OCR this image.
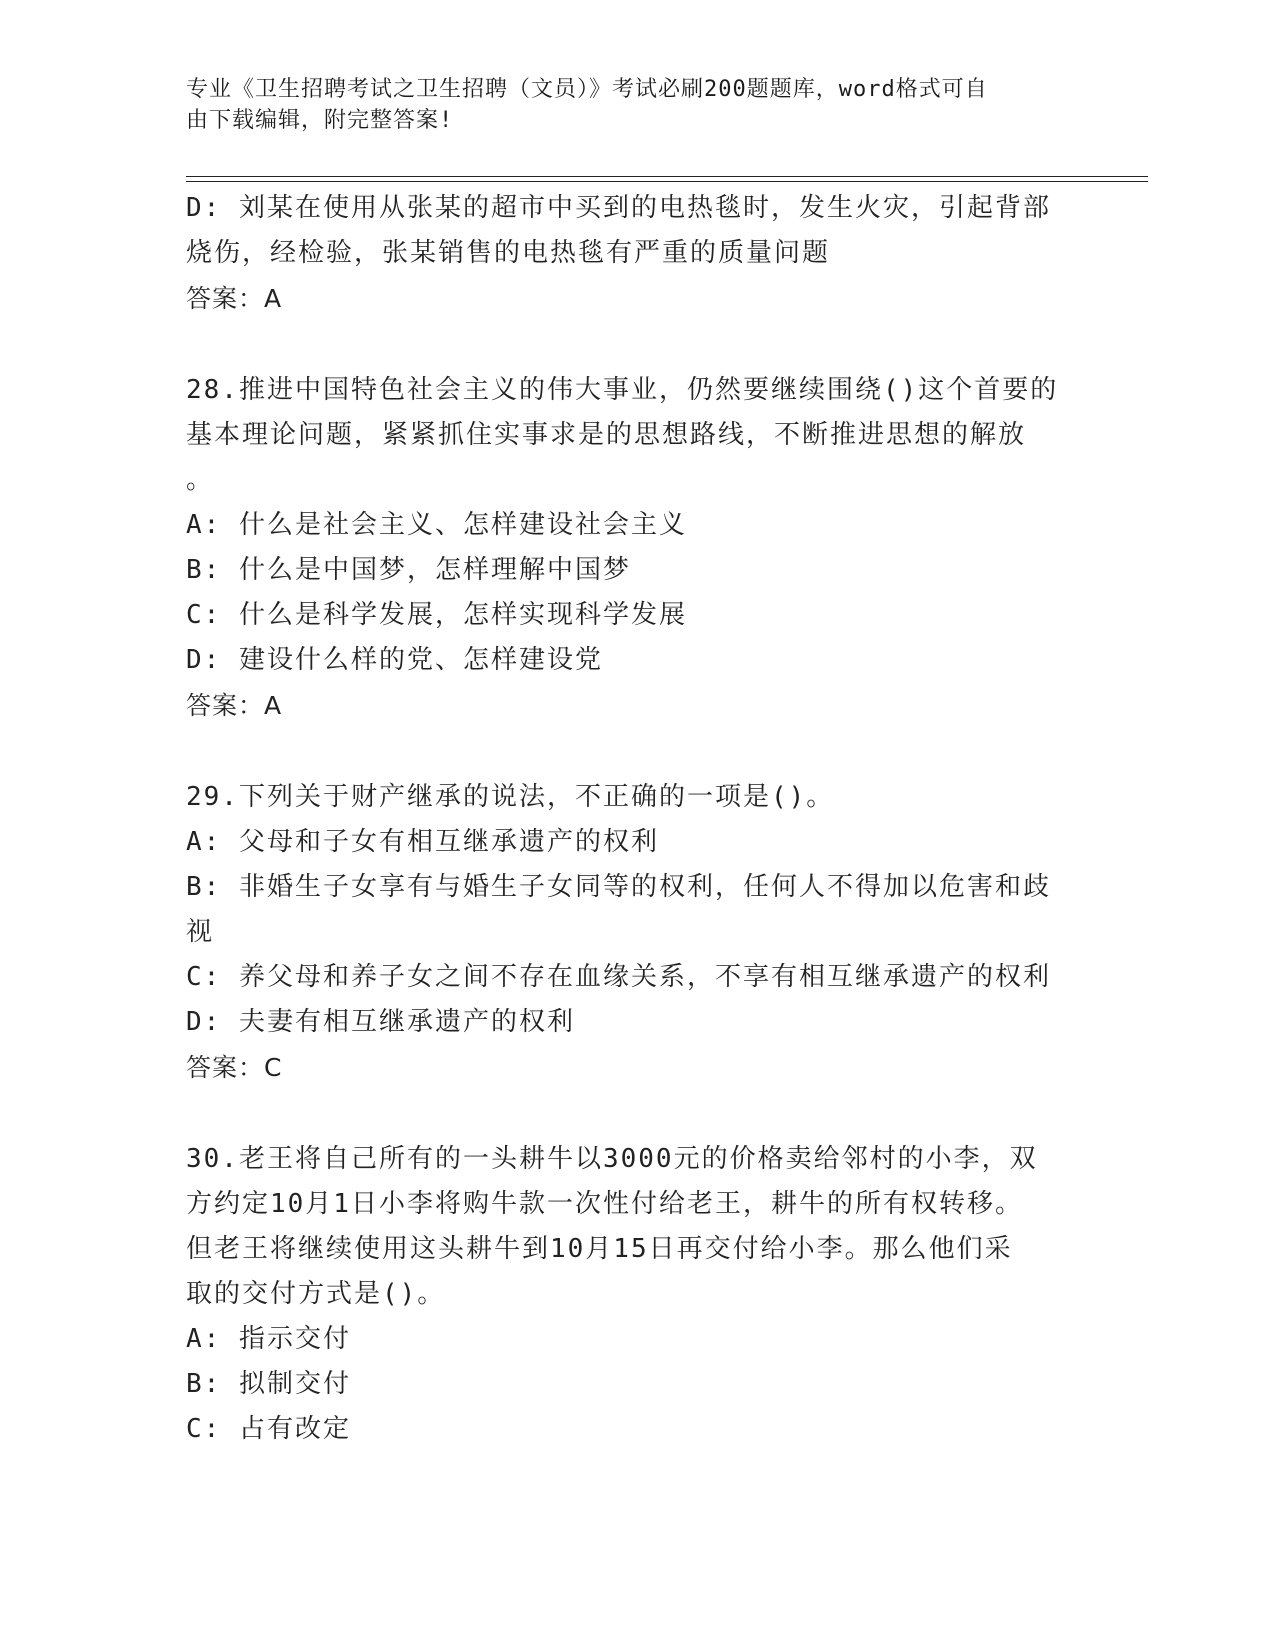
专业《卫生招聘考试之卫生招聘（文员）》考试必刷200题题库，word格式可自
由下载编辑，附完整答案!
D: 刘某在使用从张某的超市中买到的电热毯时，发生火灾，引起背部
烧伤，经检验，张某销售的电热毯有严重的质量问题
答案：A
28.推进中国特色社会主义的伟大事业，仍然要继续围绕()这个首要的
基本理论问题，紧紧抓住实事求是的思想路线，不断推进思想的解放
。
A: 什么是社会主义、怎样建设社会主义
B: 什么是中国梦，怎样理解中国梦
C: 什么是科学发展，怎样实现科学发展
D: 建设什么样的党、怎样建设党
答案：A
29.下列关于财产继承的说法，不正确的一项是()。
A: 父母和子女有相互继承遗产的权利
B: 非婚生子女享有与婚生子女同等的权利，任何人不得加以危害和歧
视
C: 养父母和养子女之间不存在血缘关系，不享有相互继承遗产的权利
D: 夫妻有相互继承遗产的权利
答案：C
30.老王将自己所有的一头耕牛以3000元的价格卖给邻村的小李，双
方约定10月1日小李将购牛款一次性付给老王，耕牛的所有权转移。
但老王将继续使用这头耕牛到10月15日再交付给小李。那么他们采
取的交付方式是()。
A: 指示交付
B: 拟制交付
C: 占有改定
